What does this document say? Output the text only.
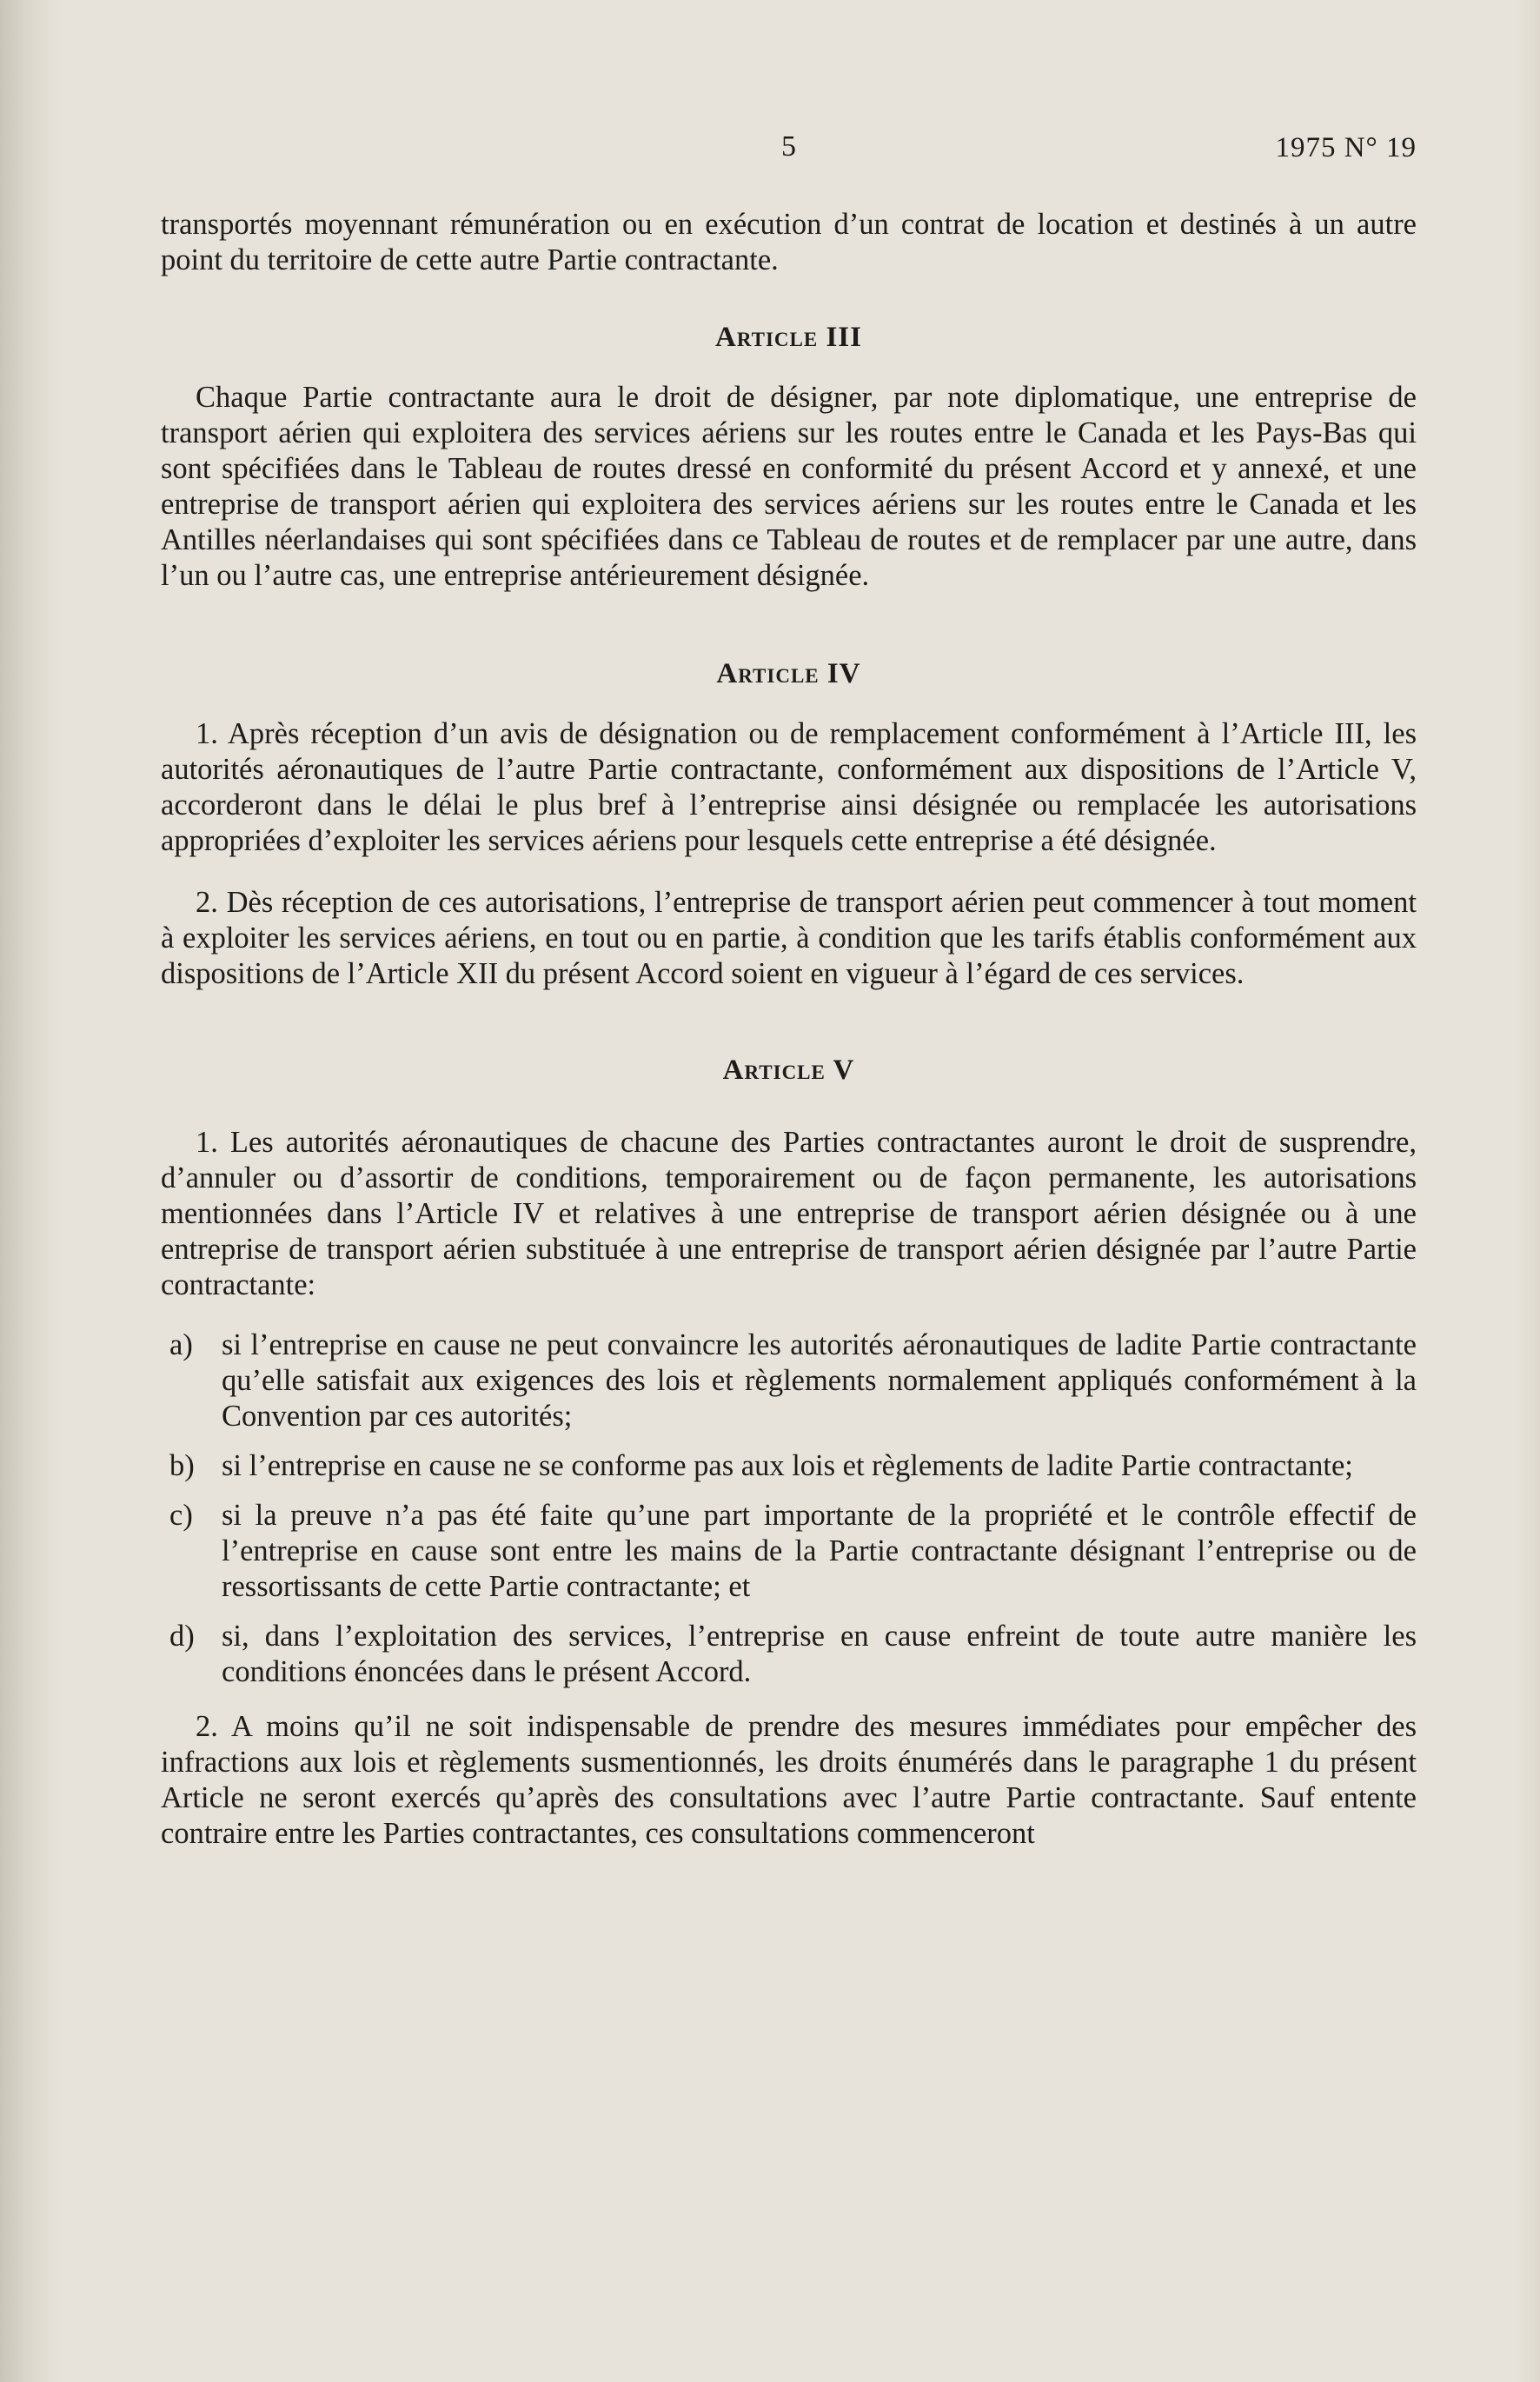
5	1975 N° 19

transportés moyennant rémunération ou en exécution d’un contrat de location et destinés à un autre point du territoire de cette autre Partie contractante.

Article III

Chaque Partie contractante aura le droit de désigner, par note diplomatique, une entreprise de transport aérien qui exploitera des services aériens sur les routes entre le Canada et les Pays-Bas qui sont spécifiées dans le Tableau de routes dressé en conformité du présent Accord et y annexé, et une entreprise de transport aérien qui exploitera des services aériens sur les routes entre le Canada et les Antilles néerlandaises qui sont spécifiées dans ce Tableau de routes et de remplacer par une autre, dans l’un ou l’autre cas, une entreprise antérieurement désignée.

Article IV

1. Après réception d’un avis de désignation ou de remplacement conformément à l’Article III, les autorités aéronautiques de l’autre Partie contractante, conformément aux dispositions de l’Article V, accorderont dans le délai le plus bref à l’entreprise ainsi désignée ou remplacée les autorisations appropriées d’exploiter les services aériens pour lesquels cette entreprise a été désignée.

2. Dès réception de ces autorisations, l’entreprise de transport aérien peut commencer à tout moment à exploiter les services aériens, en tout ou en partie, à condition que les tarifs établis conformément aux dispositions de l’Article XII du présent Accord soient en vigueur à l’égard de ces services.

Article V

1. Les autorités aéronautiques de chacune des Parties contractantes auront le droit de susprendre, d’annuler ou d’assortir de conditions, temporairement ou de façon permanente, les autorisations mentionnées dans l’Article IV et relatives à une entreprise de transport aérien désignée ou à une entreprise de transport aérien substituée à une entreprise de transport aérien désignée par l’autre Partie contractante:

a) si l’entreprise en cause ne peut convaincre les autorités aéronautiques de ladite Partie contractante qu’elle satisfait aux exigences des lois et règlements normalement appliqués conformément à la Convention par ces autorités;
b) si l’entreprise en cause ne se conforme pas aux lois et règlements de ladite Partie contractante;
c) si la preuve n’a pas été faite qu’une part importante de la propriété et le contrôle effectif de l’entreprise en cause sont entre les mains de la Partie contractante désignant l’entreprise ou de ressortissants de cette Partie contractante; et
d) si, dans l’exploitation des services, l’entreprise en cause enfreint de toute autre manière les conditions énoncées dans le présent Accord.

2. A moins qu’il ne soit indispensable de prendre des mesures immédiates pour empêcher des infractions aux lois et règlements susmentionnés, les droits énumérés dans le paragraphe 1 du présent Article ne seront exercés qu’après des consultations avec l’autre Partie contractante. Sauf entente contraire entre les Parties contractantes, ces consultations commenceront
